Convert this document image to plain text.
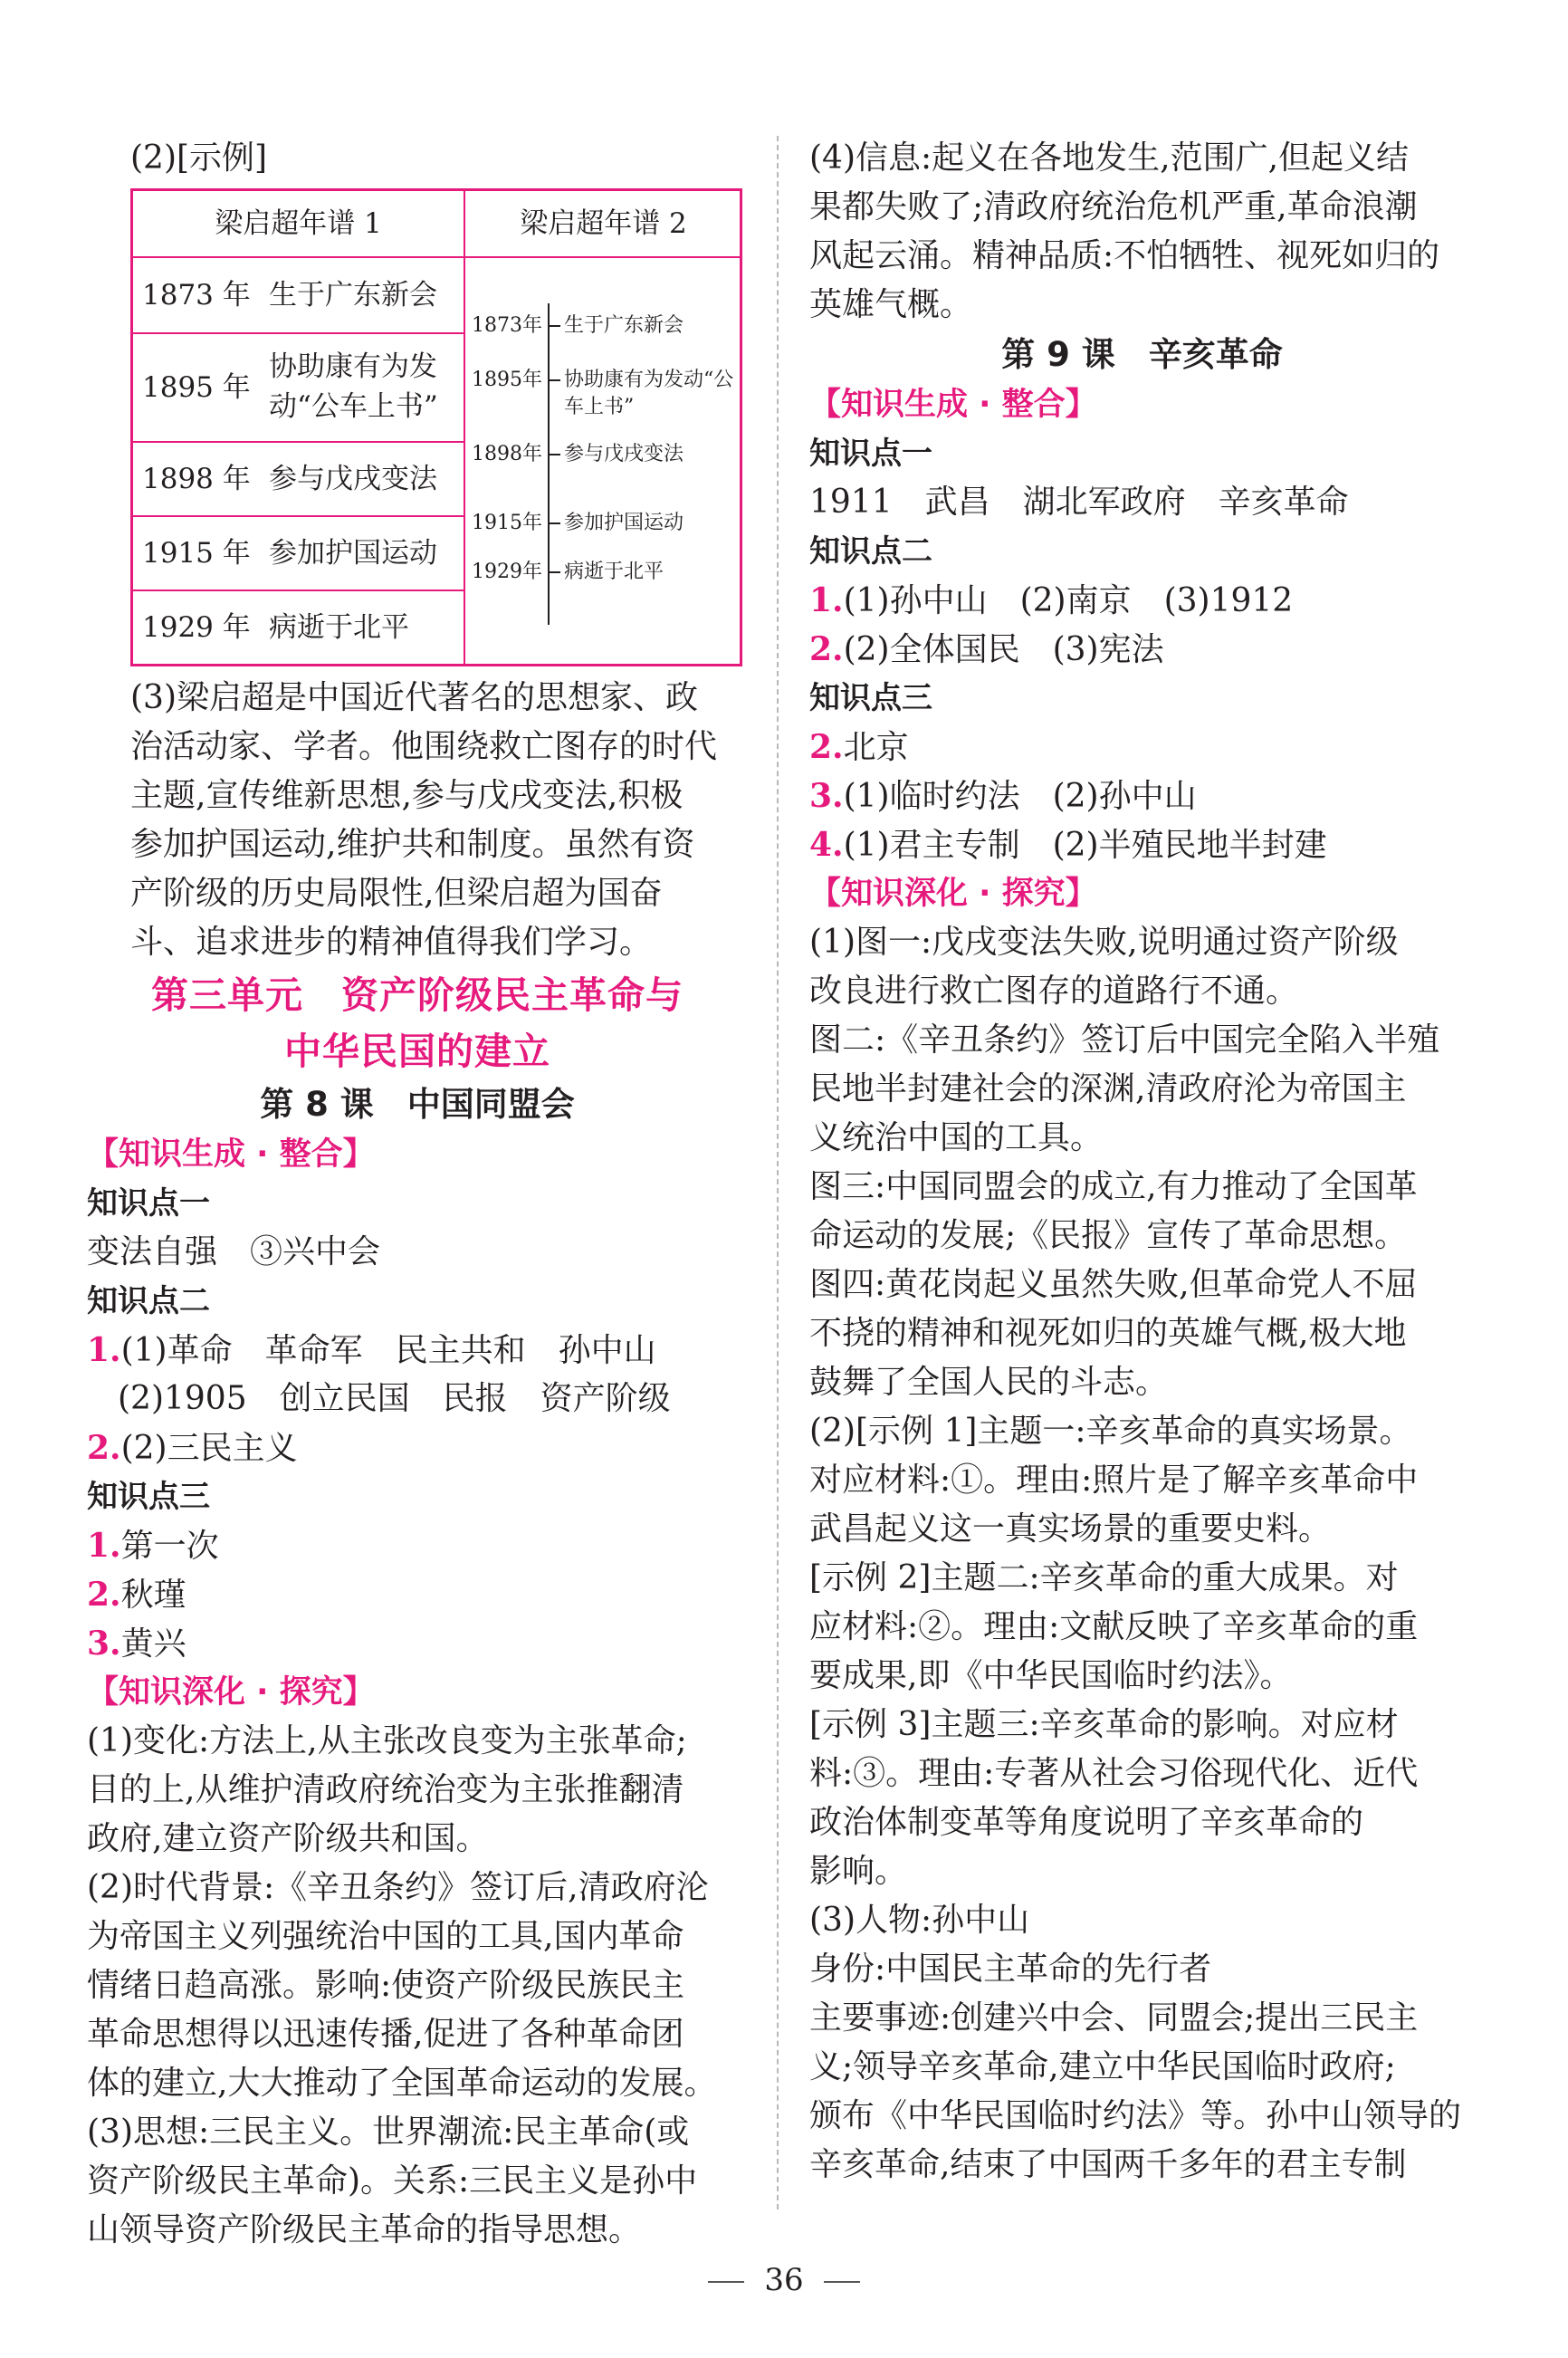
(2)[示例]
梁启超年谱 1	梁启超年谱 2
1873 年 生于广东新会
1895 年
协助康有为发动“公车上书”
1898 年 参与戊戌变法
1915 年 参加护国运动
1929 年 病逝于北平
1873年	生于广东新会
1895年	协助康有为发动“公车上书”
1898年	参与戊戌变法
1915年	参加护国运动
1929年	病逝于北平
(3)梁启超是中国近代著名的思想家、政
治活动家、学者。他围绕救亡图存的时代
主题,宣传维新思想,参与戊戌变法,积极
参加护国运动,维护共和制度。虽然有资
产阶级的历史局限性,但梁启超为国奋
斗、追求进步的精神值得我们学习。
第三单元　资产阶级民主革命与
中华民国的建立
第 8 课　中国同盟会
【知识生成 · 整合】
知识点一
变法自强　③兴中会
知识点二
1.(1)革命　革命军　民主共和　孙中山
(2)1905　创立民国　民报　资产阶级
2.(2)三民主义
知识点三
1.第一次
2.秋瑾
3.黄兴
【知识深化 · 探究】
(1)变化:方法上,从主张改良变为主张革命;
目的上,从维护清政府统治变为主张推翻清
政府,建立资产阶级共和国。
(2)时代背景:《辛丑条约》签订后,清政府沦
为帝国主义列强统治中国的工具,国内革命
情绪日趋高涨。影响:使资产阶级民族民主
革命思想得以迅速传播,促进了各种革命团
体的建立,大大推动了全国革命运动的发展。
(3)思想:三民主义。世界潮流:民主革命(或
资产阶级民主革命)。关系:三民主义是孙中
山领导资产阶级民主革命的指导思想。
(4)信息:起义在各地发生,范围广,但起义结
果都失败了;清政府统治危机严重,革命浪潮
风起云涌。精神品质:不怕牺牲、视死如归的
英雄气概。
第 9 课　辛亥革命
【知识生成 · 整合】
知识点一
1911　武昌　湖北军政府　辛亥革命
知识点二
1.(1)孙中山　(2)南京　(3)1912
2.(2)全体国民　(3)宪法
知识点三
2.北京
3.(1)临时约法　(2)孙中山
4.(1)君主专制　(2)半殖民地半封建
【知识深化 · 探究】
(1)图一:戊戌变法失败,说明通过资产阶级
改良进行救亡图存的道路行不通。
图二:《辛丑条约》签订后中国完全陷入半殖
民地半封建社会的深渊,清政府沦为帝国主
义统治中国的工具。
图三:中国同盟会的成立,有力推动了全国革
命运动的发展;《民报》宣传了革命思想。
图四:黄花岗起义虽然失败,但革命党人不屈
不挠的精神和视死如归的英雄气概,极大地
鼓舞了全国人民的斗志。
(2)[示例 1]主题一:辛亥革命的真实场景。
对应材料:①。理由:照片是了解辛亥革命中
武昌起义这一真实场景的重要史料。
[示例 2]主题二:辛亥革命的重大成果。对
应材料:②。理由:文献反映了辛亥革命的重
要成果,即《中华民国临时约法》。
[示例 3]主题三:辛亥革命的影响。对应材
料:③。理由:专著从社会习俗现代化、近代
政治体制变革等角度说明了辛亥革命的
影响。
(3)人物:孙中山
身份:中国民主革命的先行者
主要事迹:创建兴中会、同盟会;提出三民主
义;领导辛亥革命,建立中华民国临时政府;
颁布《中华民国临时约法》等。孙中山领导的
辛亥革命,结束了中国两千多年的君主专制
36
